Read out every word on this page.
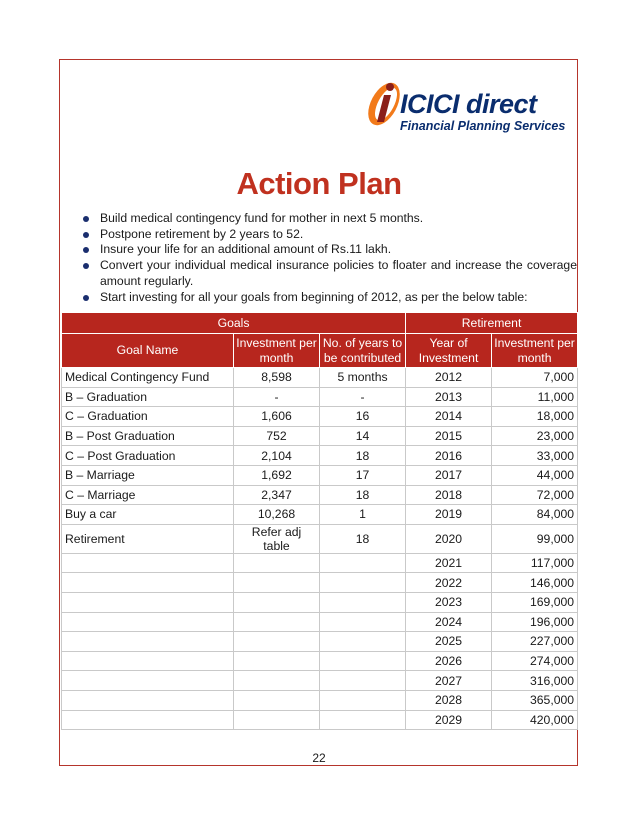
ICICI direct
Financial Planning Services
Action Plan
Build medical contingency fund for mother in next 5 months.
Postpone retirement by 2 years to 52.
Insure your life for an additional amount of Rs.11 lakh.
Convert your individual medical insurance policies to floater and increase the coverage amount regularly.
Start investing for all your goals from beginning of 2012, as per the below table:
Goals			Retirement	
Goal Name	Investment per month	No. of years to be contributed	Year of Investment	Investment per month
Medical Contingency Fund	8,598	5 months	2012	7,000
B – Graduation	-	-	2013	11,000
C – Graduation	1,606	16	2014	18,000
B – Post Graduation	752	14	2015	23,000
C – Post Graduation	2,104	18	2016	33,000
B – Marriage	1,692	17	2017	44,000
C – Marriage	2,347	18	2018	72,000
Buy a car	10,268	1	2019	84,000
Retirement	Refer adj table	18	2020	99,000
			2021	117,000
			2022	146,000
			2023	169,000
			2024	196,000
			2025	227,000
			2026	274,000
			2027	316,000
			2028	365,000
			2029	420,000
22
